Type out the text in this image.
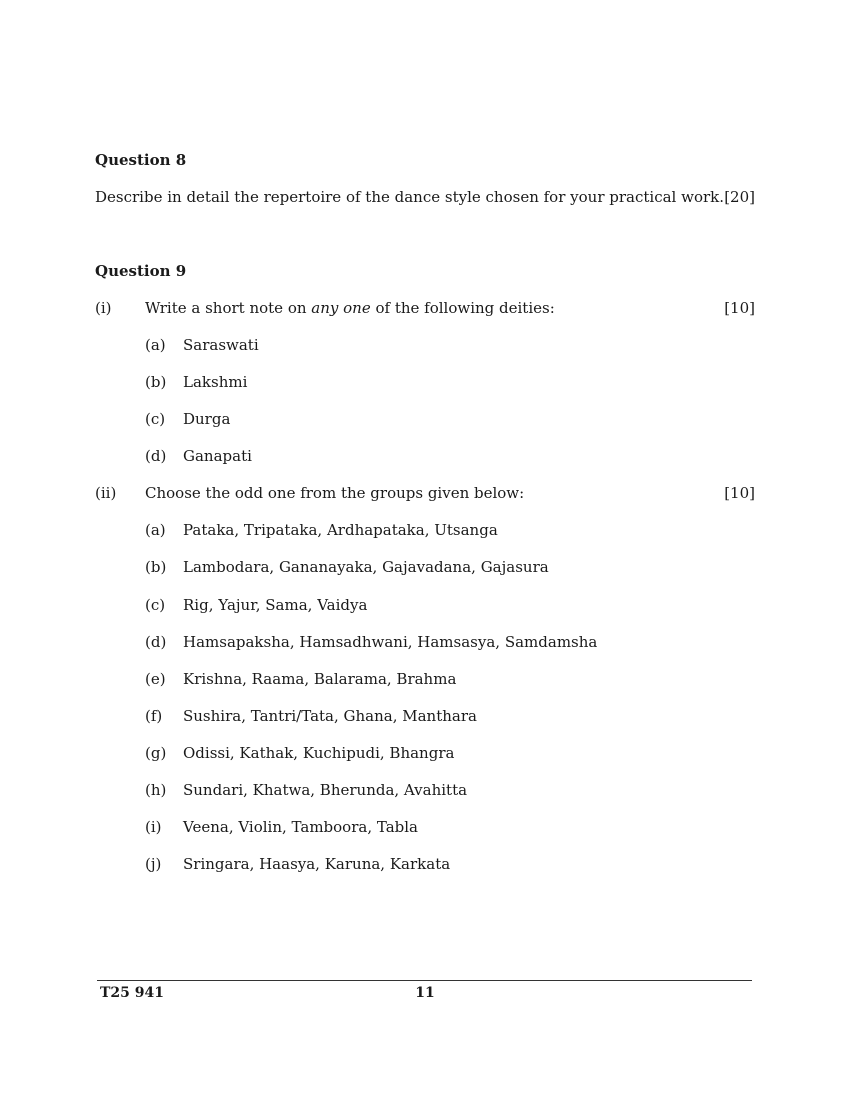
Question 8
Describe in detail the repertoire of the dance style chosen for your practical work. [20]
Question 9
(i) Write a short note on any one of the following deities:	[10]
(a) Saraswati
(b) Lakshmi
(c) Durga
(d) Ganapati
(ii) Choose the odd one from the groups given below:	[10]
(a) Pataka, Tripataka, Ardhapataka, Utsanga
(b) Lambodara, Gananayaka, Gajavadana, Gajasura
(c) Rig, Yajur, Sama, Vaidya
(d) Hamsapaksha, Hamsadhwani, Hamsasya, Samdamsha
(e) Krishna, Raama, Balarama, Brahma
(f) Sushira, Tantri/Tata, Ghana, Manthara
(g) Odissi, Kathak, Kuchipudi, Bhangra
(h) Sundari, Khatwa, Bherunda, Avahitta
(i) Veena, Violin, Tamboora, Tabla
(j) Sringara, Haasya, Karuna, Karkata
T25 941	11
